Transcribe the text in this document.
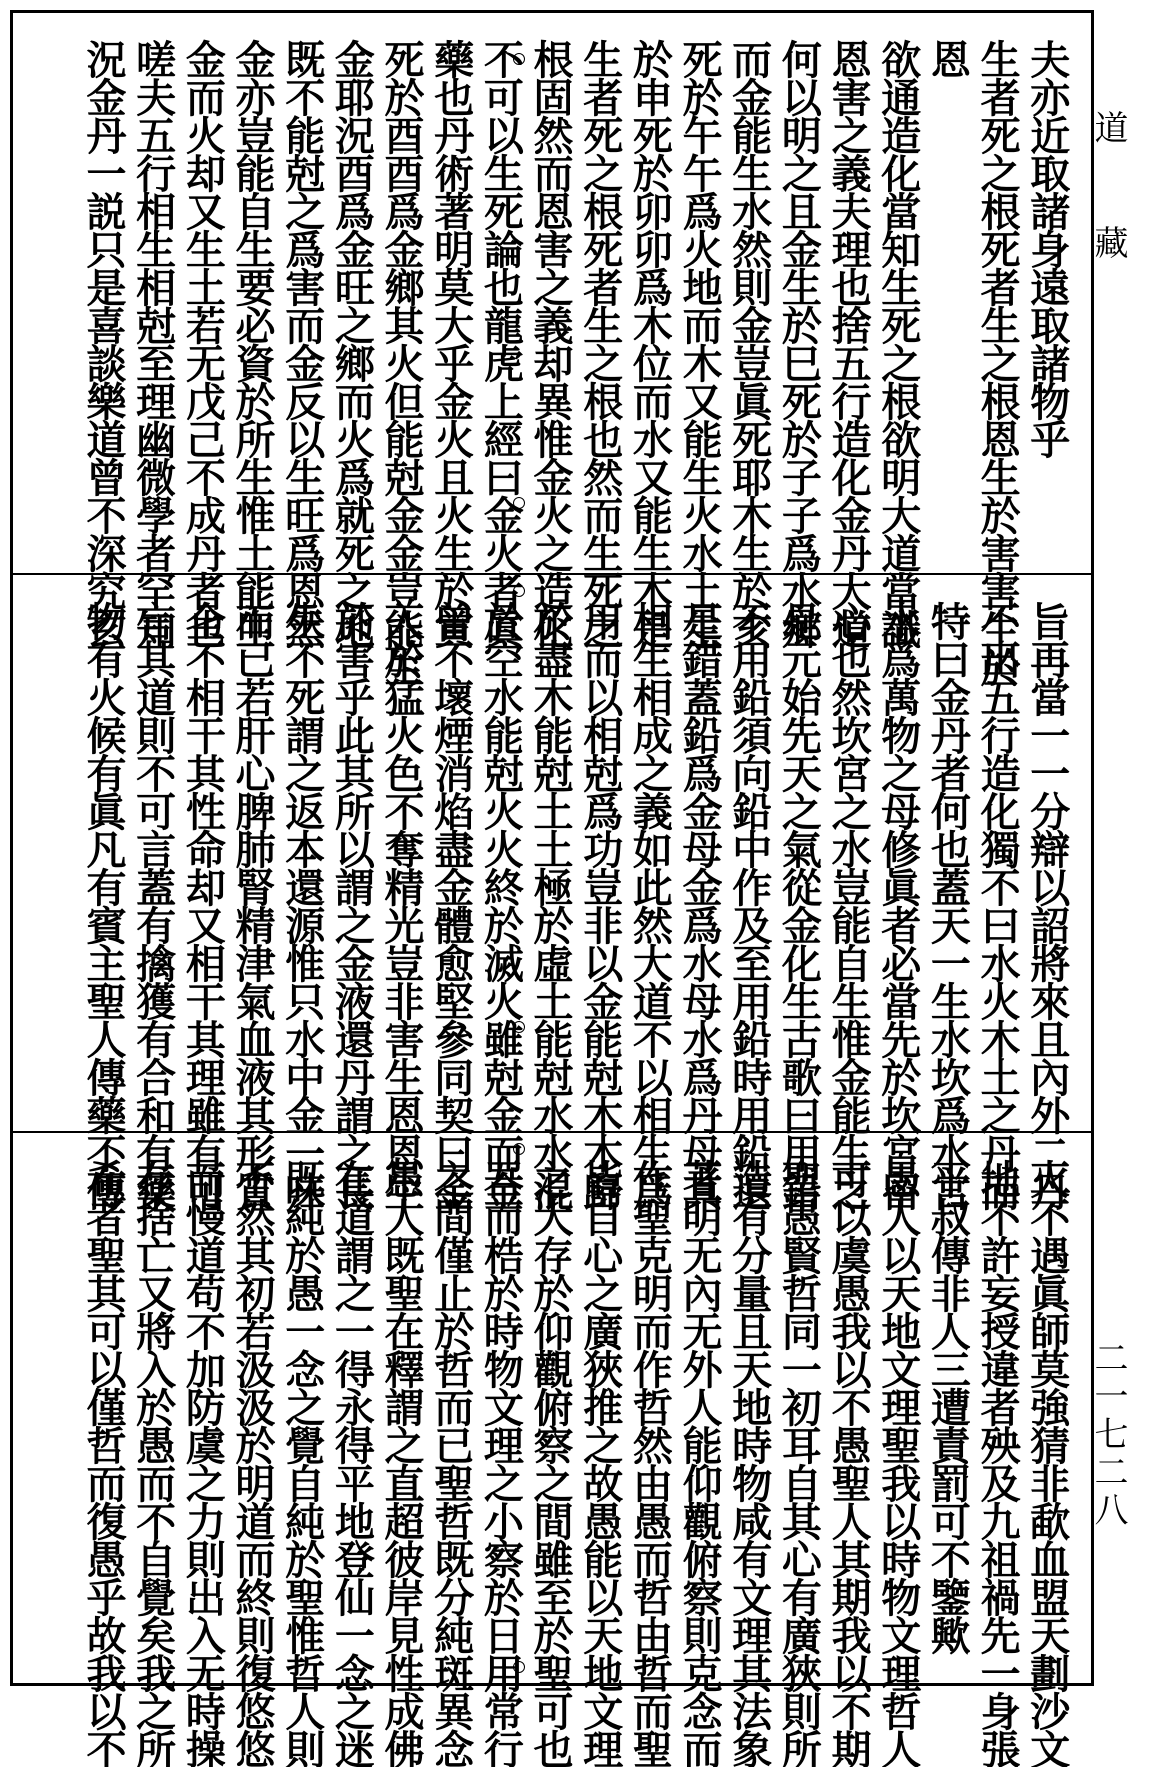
夫亦近取諸身遠取諸物乎
生者死之根死者生之根恩生於害害生於
恩
欲通造化當知生死之根欲明大道當識
恩害之義夫理也捨五行造化金丹大道
何以明之且金生於巳死於子子爲水鄉
而金能生水然則金豈眞死耶木生於亥
死於午午爲火地而木又能生火水土生
於申死於卯卯爲木位而水又能生木是
生者死之根死者生之根也然而生死之
根固然而恩害之義却異惟金火之造化
不可以生死論也龍虎上經曰金火者眞
藥也丹術著明莫大乎金火且火生於寅
死於酉酉爲金鄉其火但能尅金金豈能生
金耶況酉爲金旺之鄉而火爲就死之地
既不能尅之爲害而金反以生旺爲恩然
金亦豈能自生要必資於所生惟土能生
金而火却又生土若无戊己不成丹者也
嗟夫五行相生相尅至理幽微學者罕知
況金丹一説只是喜談樂道曾不深究玄
旨再當一一分辯以詔將來且內外二丹
不出五行造化獨不曰水火木土之丹而
特曰金丹者何也蓋天一生水坎爲水宮
水爲萬物之母修眞者必當先於坎宮留
心也然坎宮之水豈能自生惟金能生之
是元始先天之氣從金化生古歌曰用鉛
不用鉛須向鉛中作及至用鉛時用鉛還
是錯蓋鉛爲金母金爲水母水爲丹母其
相生相成之義如此然大道不以相生爲
用而以相尅爲功豈非以金能尅木木歸
於盡木能尅土土極於虛土能尅水水混
於空水能尅火火終於滅火雖尅金而金
曾不壞煙消焰盡金體愈堅參同契曰金
入於猛火色不奪精光豈非害生恩恩生
於害乎此其所以謂之金液還丹謂之長
生不死謂之返本還源惟只水中金一味
而已若肝心脾肺腎精津氣血液其形質
全不相干其性命却又相干其理雖有可
言其道則不可言蓋有擒獲有合和有藥
物有火候有眞凡有賓主聖人傳藥不傳
火不遇眞師莫強猜非歃血盟天劃沙文
地不許妄授違者殃及九祖禍先一身張
平叔傳非人三遭責罰可不鑒歟
愚人以天地文理聖我以時物文理哲人
可以虞愚我以不愚聖人其期我以不期
聖愚賢哲同一初耳自其心有廣狹則所
造有分量且天地時物咸有文理其法象
著明无內无外人能仰觀俯察則克念而
作聖克明而作哲然由愚而哲由哲而聖
皆自心之廣狹推之故愚能以天地文理
之大存於仰觀俯察之間雖至於聖可也
吾而梏於時物文理之小察於日用常行
之間僅止於哲而已聖哲既分純斑異念
愚人既聖在釋謂之直超彼岸見性成佛
在道謂之一得永得平地登仙一念之迷
既純於愚一念之覺自純於聖惟哲人則
不然其初若汲汲於明道而終則復悠悠
而慢道苟不加防虞之力則出入无時操
存捨亡又將入於愚而不自覺矣我之所
希者聖其可以僅哲而復愚乎故我以不
道
藏
二一七二八
